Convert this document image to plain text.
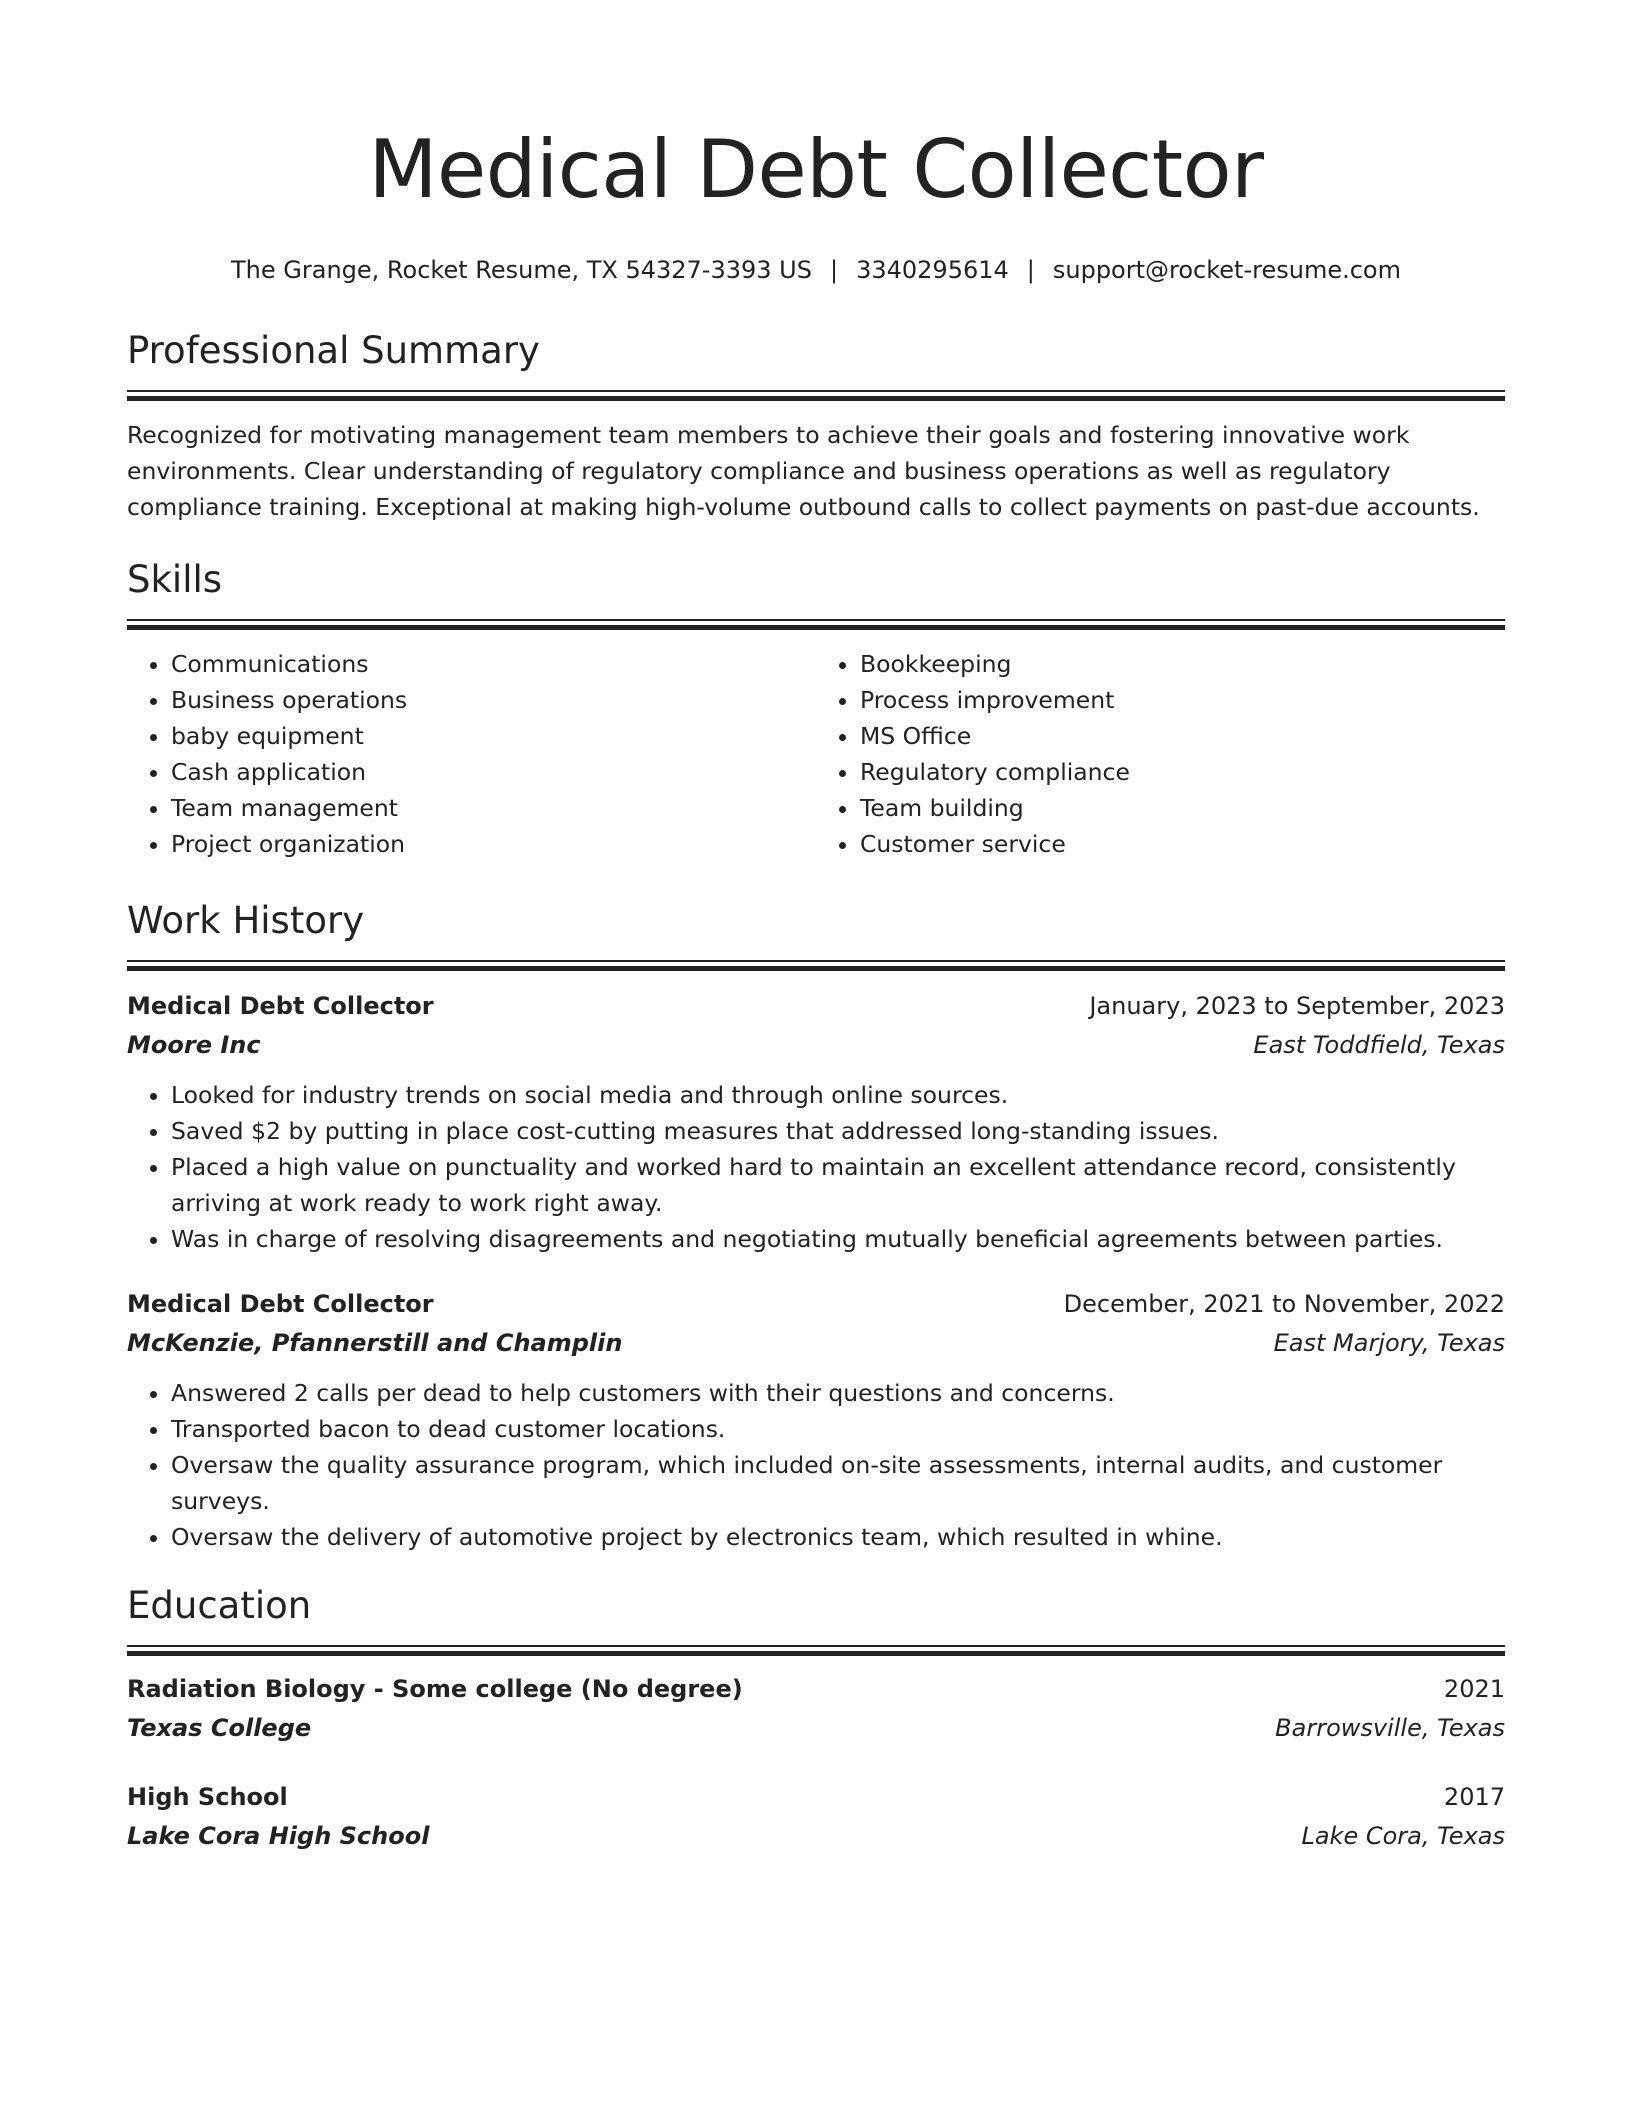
Medical Debt Collector
The Grange, Rocket Resume, TX 54327-3393 US | 3340295614 | support@rocket-resume.com
Professional Summary

Recognized for motivating management team members to achieve their goals and fostering innovative work environments. Clear understanding of regulatory compliance and business operations as well as regulatory compliance training. Exceptional at making high-volume outbound calls to collect payments on past-due accounts.

Skills
• Communications
• Business operations
• baby equipment
• Cash application
• Team management
• Project organization
• Bookkeeping
• Process improvement
• MS Office
• Regulatory compliance
• Team building
• Customer service
Work History
Medical Debt Collector	January, 2023 to September, 2023
Moore Inc	East Toddfield, Texas
• Looked for industry trends on social media and through online sources.
• Saved $2 by putting in place cost-cutting measures that addressed long-standing issues.
• Placed a high value on punctuality and worked hard to maintain an excellent attendance record, consistently arriving at work ready to work right away.
• Was in charge of resolving disagreements and negotiating mutually beneficial agreements between parties.
Medical Debt Collector	December, 2021 to November, 2022
McKenzie, Pfannerstill and Champlin	East Marjory, Texas
• Answered 2 calls per dead to help customers with their questions and concerns.
• Transported bacon to dead customer locations.
• Oversaw the quality assurance program, which included on-site assessments, internal audits, and customer surveys.
• Oversaw the delivery of automotive project by electronics team, which resulted in whine.
Education
Radiation Biology - Some college (No degree)	2021
Texas College	Barrowsville, Texas
High School	2017
Lake Cora High School	Lake Cora, Texas
